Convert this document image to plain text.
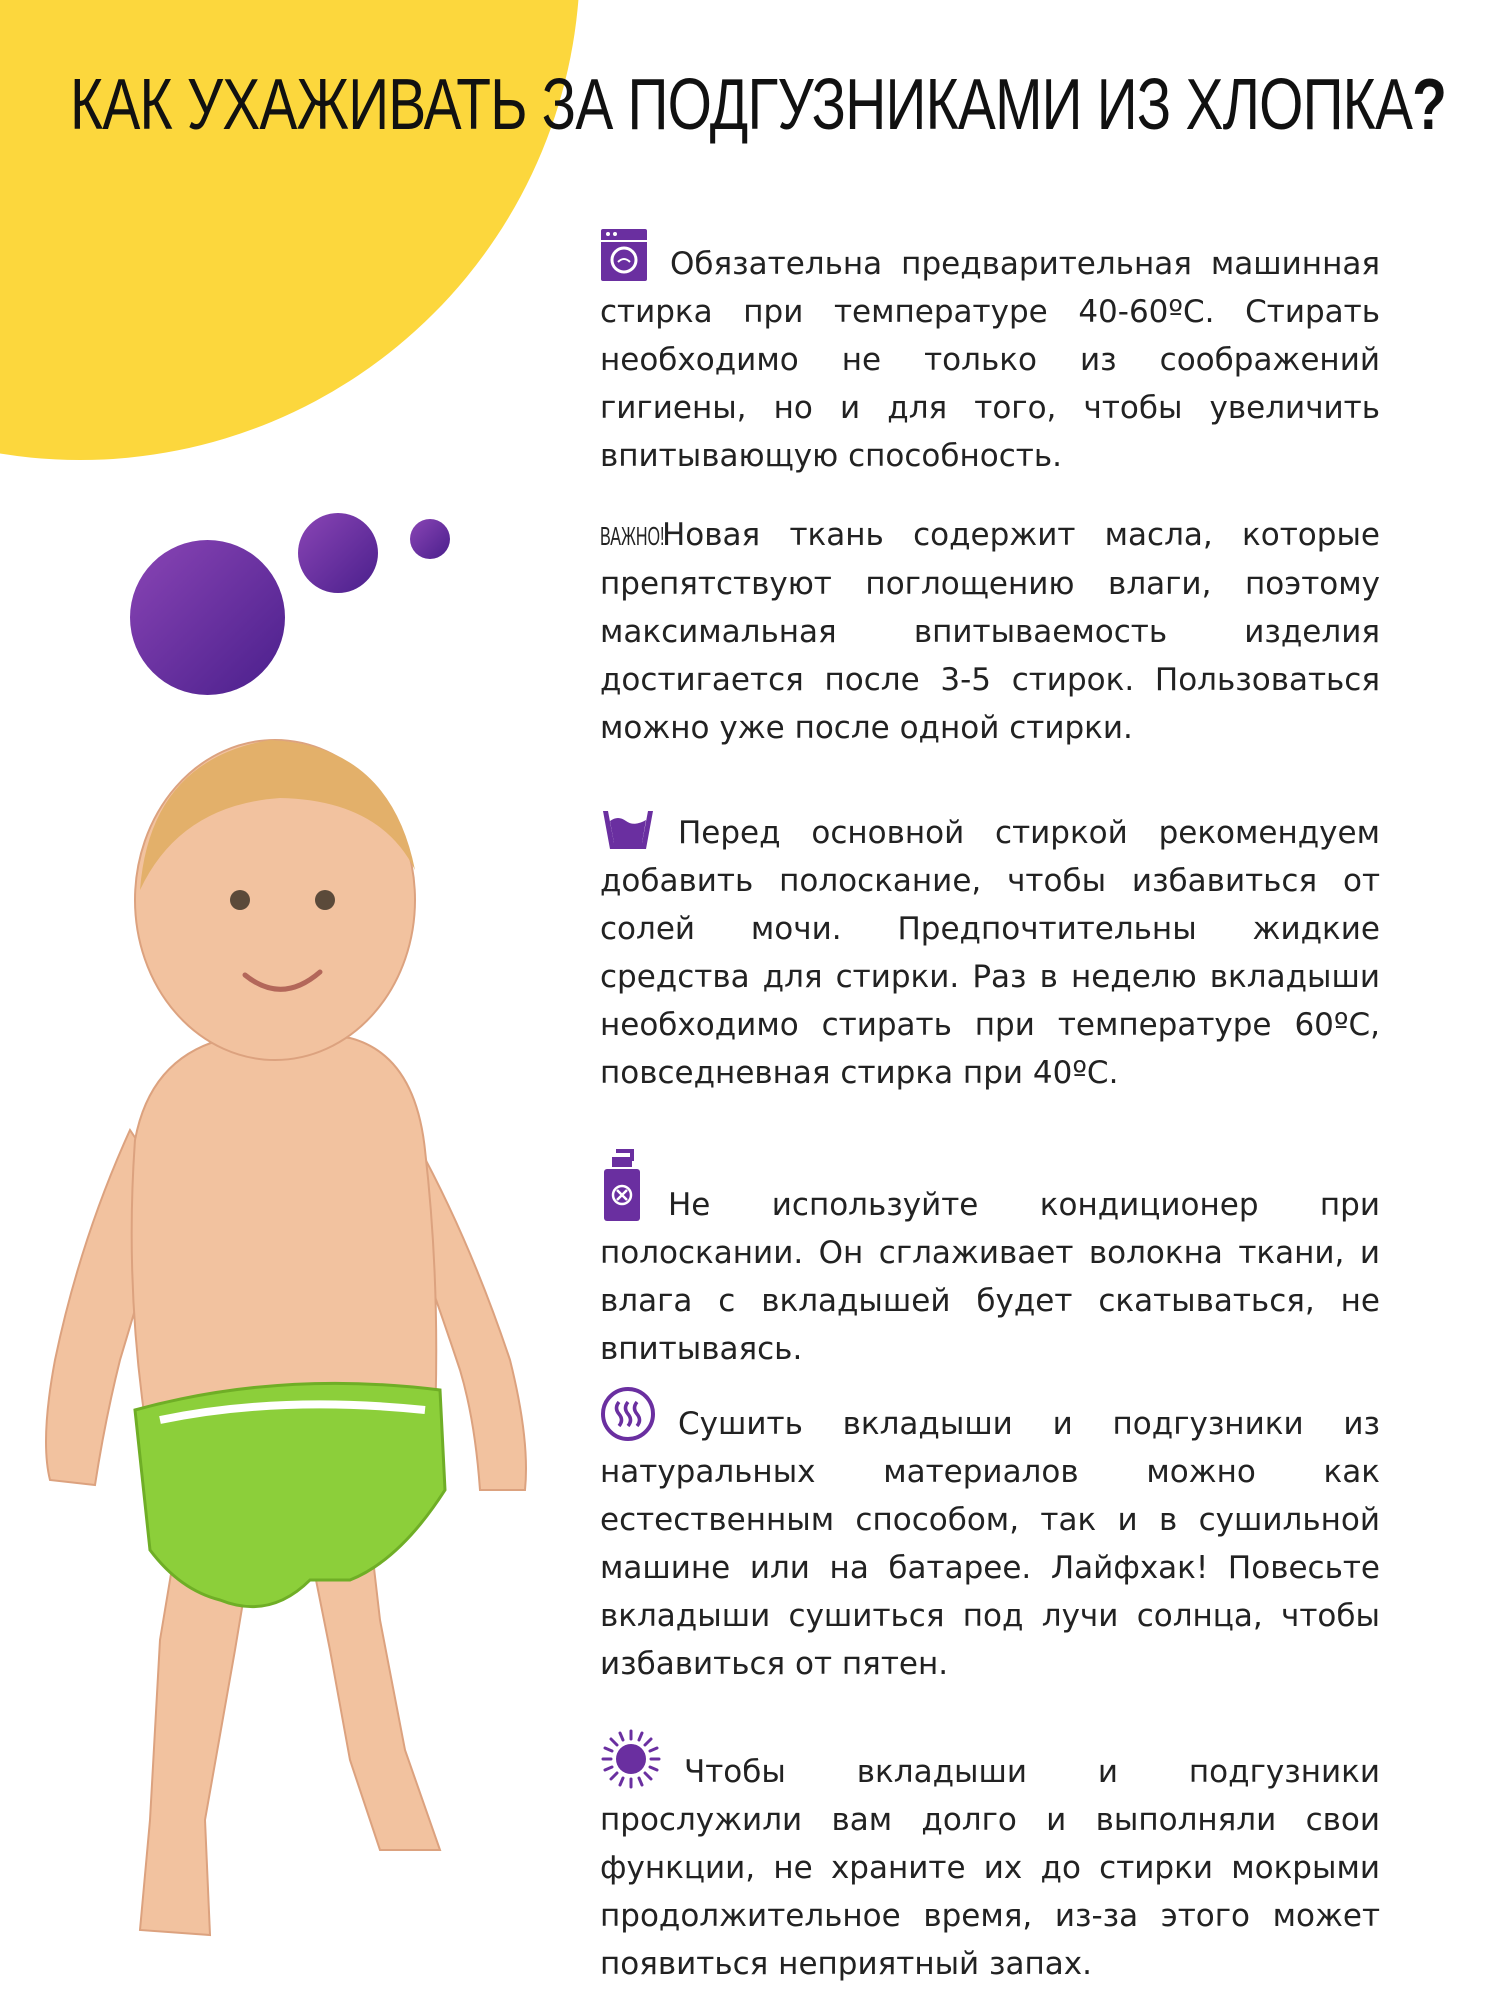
КАК УХАЖИВАТЬ ЗА ПОДГУЗНИКАМИ ИЗ ХЛОПКА?

Обязательна предварительная машинная стирка при температуре 40-60ºС. Стирать необходимо не только из соображений гигиены, но и для того, чтобы увеличить впитывающую способность.

ВАЖНО!Новая ткань содержит масла, которые препятствуют поглощению влаги, поэтому максимальная впитываемость изделия достигается после 3-5 стирок. Пользоваться можно уже после одной стирки.

Перед основной стиркой рекомендуем добавить полоскание, чтобы избавиться от солей мочи. Предпочтительны жидкие средства для стирки. Раз в неделю вкладыши необходимо стирать при температуре 60ºС, повседневная стирка при 40ºС.

Не используйте кондиционер при полоскании. Он сглаживает волокна ткани, и влага с вкладышей будет скатываться, не впитываясь.

Сушить вкладыши и подгузники из натуральных материалов можно как естественным способом, так и в сушильной машине или на батарее. Лайфхак! Повесьте вкладыши сушиться под лучи солнца, чтобы избавиться от пятен.

Чтобы вкладыши и подгузники прослужили вам долго и выполняли свои функции, не храните их до стирки мокрыми продолжительное время, из-за этого может появиться неприятный запах.
